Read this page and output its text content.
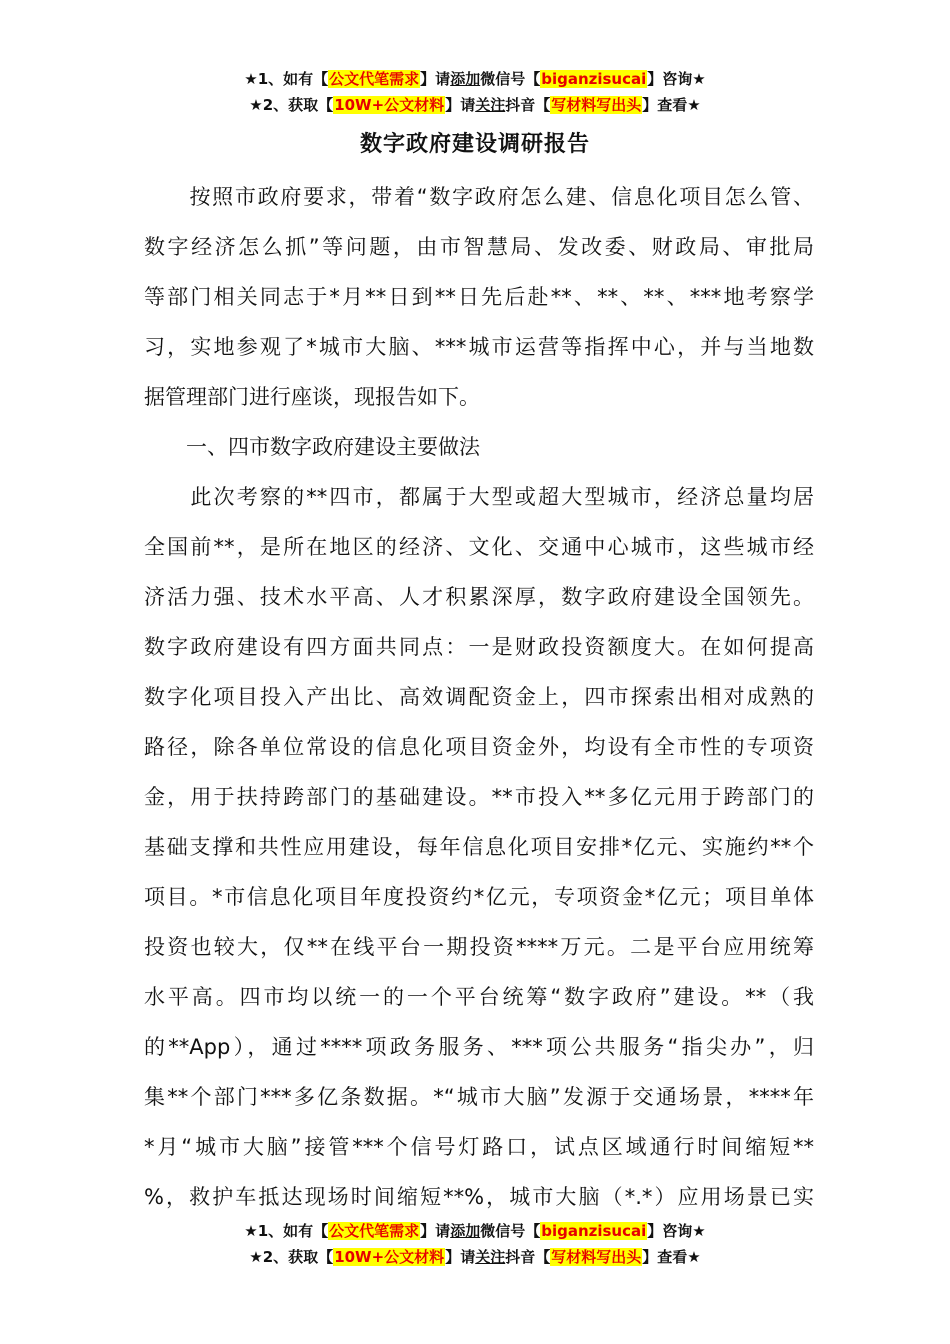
★1、如有【公文代笔需求】请添加微信号【biganzisucai】咨询★
★2、获取【10W+公文材料】请关注抖音【写材料写出头】查看★
数字政府建设调研报告

　　按照市政府要求，带着“数字政府怎么建、信息化项目怎么管、
数字经济怎么抓”等问题，由市智慧局、发改委、财政局、审批局
等部门相关同志于*月**日到**日先后赴**、**、**、***地考察学
习，实地参观了*城市大脑、***城市运营等指挥中心，并与当地数
据管理部门进行座谈，现报告如下。

　　一、四市数字政府建设主要做法

　　此次考察的**四市，都属于大型或超大型城市，经济总量均居
全国前**，是所在地区的经济、文化、交通中心城市，这些城市经
济活力强、技术水平高、人才积累深厚，数字政府建设全国领先。
数字政府建设有四方面共同点：一是财政投资额度大。在如何提高
数字化项目投入产出比、高效调配资金上，四市探索出相对成熟的
路径，除各单位常设的信息化项目资金外，均设有全市性的专项资
金，用于扶持跨部门的基础建设。**市投入**多亿元用于跨部门的
基础支撑和共性应用建设，每年信息化项目安排*亿元、实施约**个
项目。*市信息化项目年度投资约*亿元，专项资金*亿元；项目单体
投资也较大，仅**在线平台一期投资****万元。二是平台应用统筹
水平高。四市均以统一的一个平台统筹“数字政府”建设。**（我
的**App），通过****项政务服务、***项公共服务“指尖办”，归
集**个部门***多亿条数据。*“城市大脑”发源于交通场景，****年
*月“城市大脑”接管***个信号灯路口，试点区域通行时间缩短**
%，救护车抵达现场时间缩短**%，城市大脑（*.*）应用场景已实

★1、如有【公文代笔需求】请添加微信号【biganzisucai】咨询★
★2、获取【10W+公文材料】请关注抖音【写材料写出头】查看★
